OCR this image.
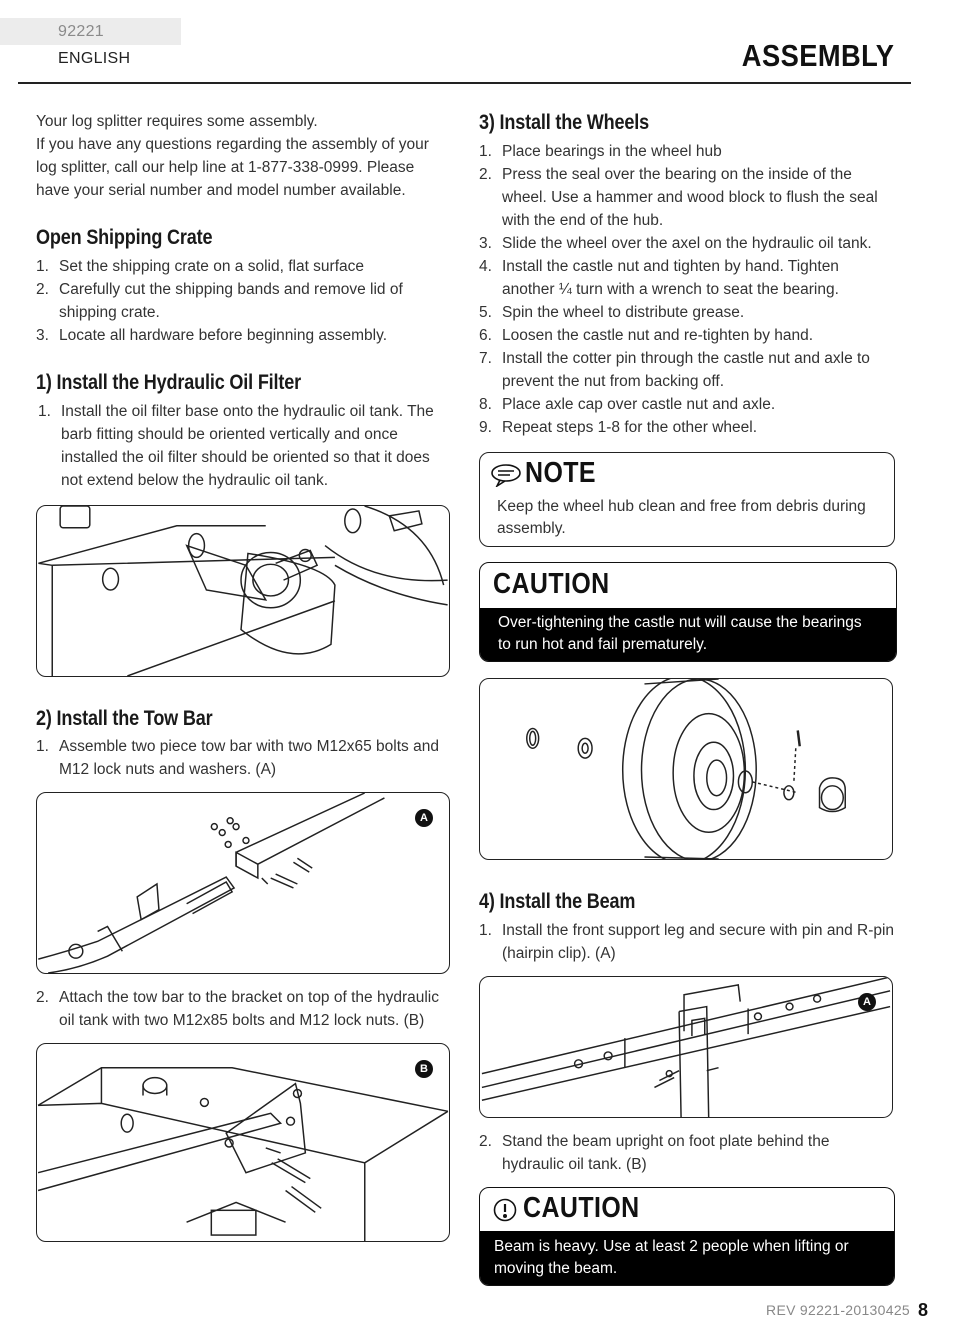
92221 ENGLISH	ASSEMBLY
Your log splitter requires some assembly.
If you have any questions regarding the assembly of your log splitter, call our help line at 1-877-338-0999. Please have your serial number and model number available.
Open Shipping Crate
1. Set the shipping crate on a solid, flat surface
2. Carefully cut the shipping bands and remove lid of shipping crate.
3. Locate all hardware before beginning assembly.
1) Install the Hydraulic Oil Filter
1. Install the oil filter base onto the hydraulic oil tank. The barb fitting should be oriented vertically and once installed the oil filter should be oriented so that it does not extend below the hydraulic oil tank.
2) Install the Tow Bar
1. Assemble two piece tow bar with two M12x65 bolts and M12 lock nuts and washers. (A)
A
2. Attach the tow bar to the bracket on top of the hydraulic oil tank with two M12x85 bolts and M12 lock nuts. (B)
B
3) Install the Wheels
1. Place bearings in the wheel hub
2. Press the seal over the bearing on the inside of the wheel. Use a hammer and wood block to flush the seal with the end of the hub.
3. Slide the wheel over the axel on the hydraulic oil tank.
4. Install the castle nut and tighten by hand. Tighten another ¼ turn with a wrench to seat the bearing.
5. Spin the wheel to distribute grease.
6. Loosen the castle nut and re-tighten by hand.
7. Install the cotter pin through the castle nut and axle to prevent the nut from backing off.
8. Place axle cap over castle nut and axle.
9. Repeat steps 1-8 for the other wheel.
NOTE
Keep the wheel hub clean and free from debris during assembly.
CAUTION
Over-tightening the castle nut will cause the bearings to run hot and fail prematurely.
4) Install the Beam
1. Install the front support leg and secure with pin and R-pin (hairpin clip). (A)
A
2. Stand the beam upright on foot plate behind the hydraulic oil tank. (B)
CAUTION
Beam is heavy. Use at least 2 people when lifting or moving the beam.
REV 92221-20130425 8
